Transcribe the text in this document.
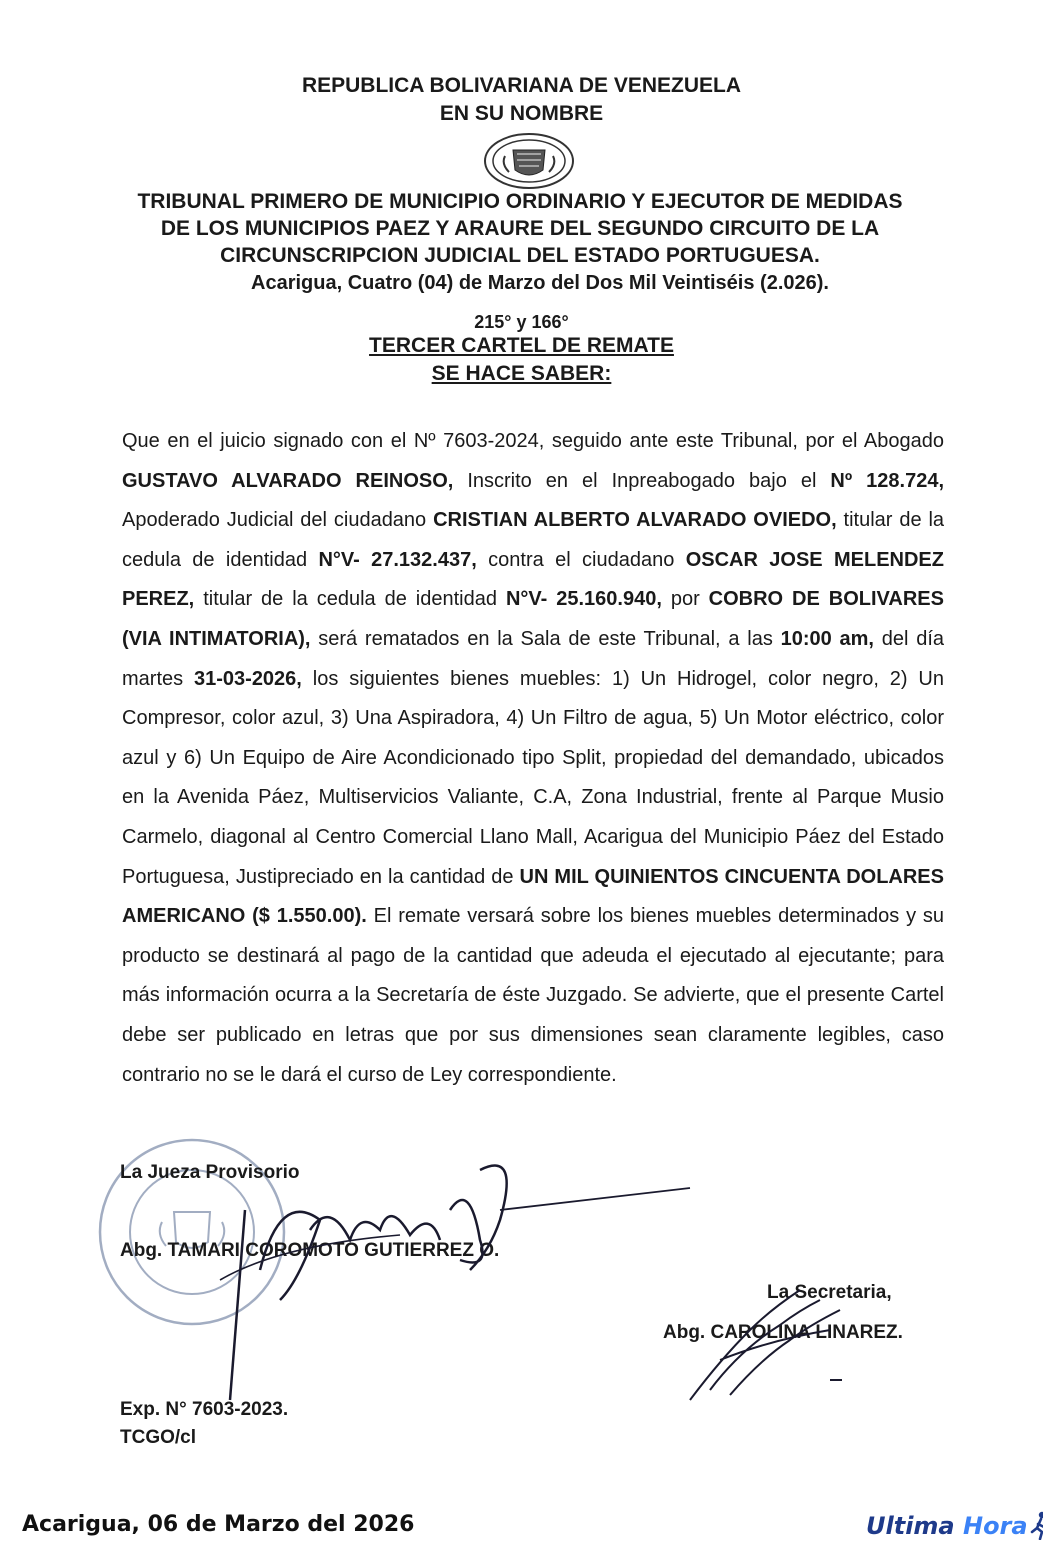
REPUBLICA BOLIVARIANA DE VENEZUELA
EN SU NOMBRE
TRIBUNAL PRIMERO DE MUNICIPIO ORDINARIO Y EJECUTOR DE MEDIDAS
DE LOS MUNICIPIOS PAEZ Y ARAURE DEL SEGUNDO CIRCUITO DE LA
CIRCUNSCRIPCION JUDICIAL DEL ESTADO PORTUGUESA.
Acarigua, Cuatro (04) de Marzo del Dos Mil Veintiséis (2.026).
215° y 166°
TERCER CARTEL DE REMATE
SE HACE SABER:
Que en el juicio signado con el Nº 7603-2024, seguido ante este Tribunal, por el Abogado GUSTAVO ALVARADO REINOSO, Inscrito en el Inpreabogado bajo el Nº 128.724, Apoderado Judicial del ciudadano CRISTIAN ALBERTO ALVARADO OVIEDO, titular de la cedula de identidad N°V- 27.132.437, contra el ciudadano OSCAR JOSE MELENDEZ PEREZ, titular de la cedula de identidad N°V- 25.160.940, por COBRO DE BOLIVARES (VIA INTIMATORIA), será rematados en la Sala de este Tribunal, a las 10:00 am, del día martes 31-03-2026, los siguientes bienes muebles: 1) Un Hidrogel, color negro, 2) Un Compresor, color azul, 3) Una Aspiradora, 4) Un Filtro de agua, 5) Un Motor eléctrico, color azul y 6) Un Equipo de Aire Acondicionado tipo Split, propiedad del demandado, ubicados en la Avenida Páez, Multiservicios Valiante, C.A, Zona Industrial, frente al Parque Musio Carmelo, diagonal al Centro Comercial Llano Mall, Acarigua del Municipio Páez del Estado Portuguesa, Justipreciado en la cantidad de UN MIL QUINIENTOS CINCUENTA DOLARES AMERICANO ($ 1.550.00). El remate versará sobre los bienes muebles determinados y su producto se destinará al pago de la cantidad que adeuda el ejecutado al ejecutante; para más información ocurra a la Secretaría de éste Juzgado. Se advierte, que el presente Cartel debe ser publicado en letras que por sus dimensiones sean claramente legibles, caso contrario no se le dará el curso de Ley correspondiente.
La Jueza Provisorio
Abg. TAMARI COROMOTO GUTIERREZ O.
La Secretaria,
Abg. CAROLINA LINAREZ.
Exp. N° 7603-2023.
TCGO/cl
Acarigua, 06 de Marzo del 2026	Ultima Hora
